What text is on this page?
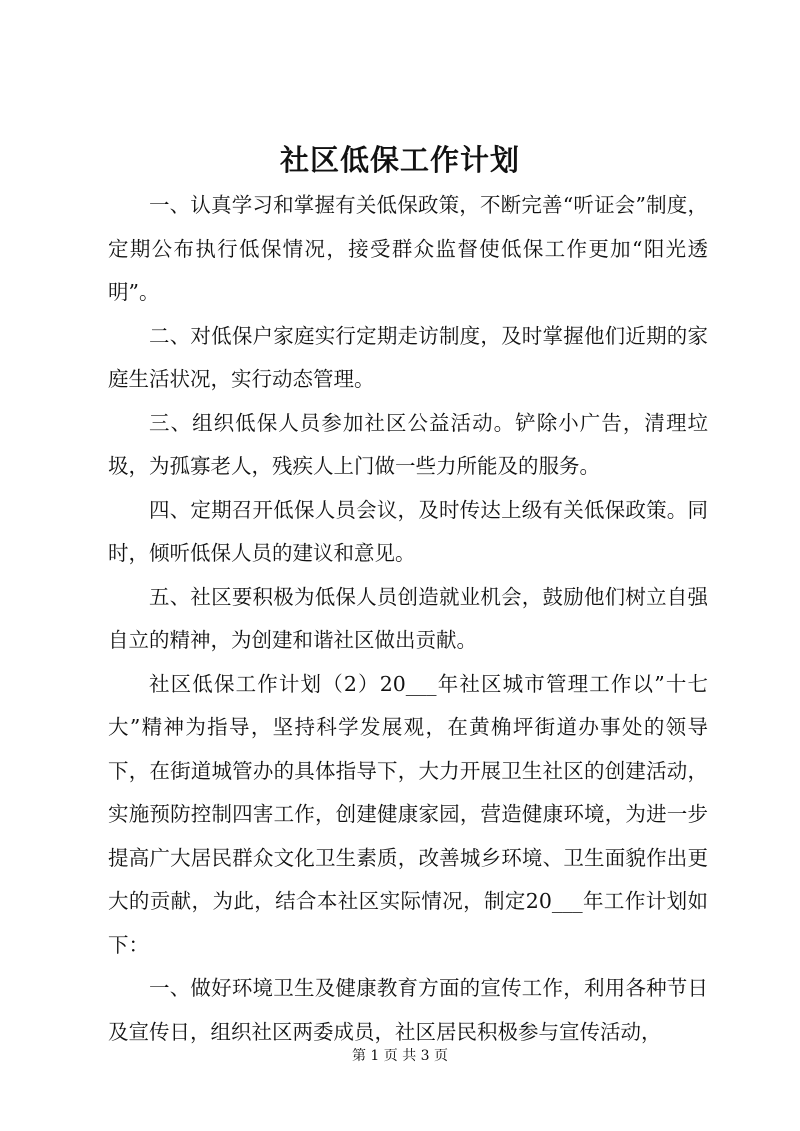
社区低保工作计划

一、认真学习和掌握有关低保政策，不断完善“听证会”制度，定期公布执行低保情况，接受群众监督使低保工作更加“阳光透明”。

二、对低保户家庭实行定期走访制度，及时掌握他们近期的家庭生活状况，实行动态管理。

三、组织低保人员参加社区公益活动。铲除小广告，清理垃圾，为孤寡老人，残疾人上门做一些力所能及的服务。

四、定期召开低保人员会议，及时传达上级有关低保政策。同时，倾听低保人员的建议和意见。

五、社区要积极为低保人员创造就业机会，鼓励他们树立自强自立的精神，为创建和谐社区做出贡献。

社区低保工作计划（2）20___年社区城市管理工作以”十七大”精神为指导，坚持科学发展观，在黄桷坪街道办事处的领导下，在街道城管办的具体指导下，大力开展卫生社区的创建活动，实施预防控制四害工作，创建健康家园，营造健康环境，为进一步提高广大居民群众文化卫生素质，改善城乡环境、卫生面貌作出更大的贡献，为此，结合本社区实际情况，制定20___年工作计划如下：

一、做好环境卫生及健康教育方面的宣传工作，利用各种节日及宣传日，组织社区两委成员，社区居民积极参与宣传活动，

第 1 页 共 3 页
